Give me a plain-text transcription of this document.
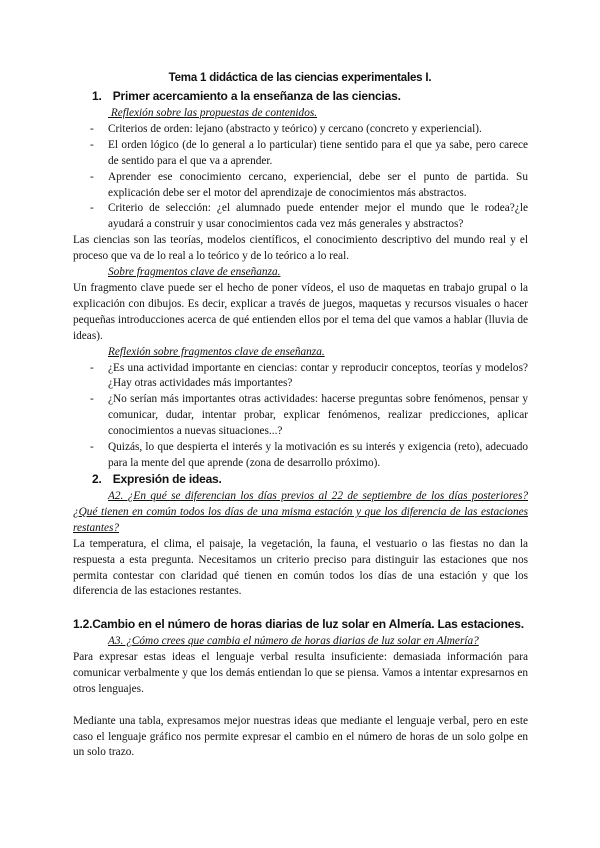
Tema 1 didáctica de las ciencias experimentales I.
1. Primer acercamiento a la enseñanza de las ciencias.
Reflexión sobre las propuestas de contenidos.
- Criterios de orden: lejano (abstracto y teórico) y cercano (concreto y experiencial).
- El orden lógico (de lo general a lo particular) tiene sentido para el que ya sabe, pero carece de sentido para el que va a aprender.
- Aprender ese conocimiento cercano, experiencial, debe ser el punto de partida. Su explicación debe ser el motor del aprendizaje de conocimientos más abstractos.
- Criterio de selección: ¿el alumnado puede entender mejor el mundo que le rodea?¿le ayudará a construir y usar conocimientos cada vez más generales y abstractos?
Las ciencias son las teorías, modelos científicos, el conocimiento descriptivo del mundo real y el proceso que va de lo real a lo teórico y de lo teórico a lo real.
Sobre fragmentos clave de enseñanza.
Un fragmento clave puede ser el hecho de poner vídeos, el uso de maquetas en trabajo grupal o la explicación con dibujos. Es decir, explicar a través de juegos, maquetas y recursos visuales o hacer pequeñas introducciones acerca de qué entienden ellos por el tema del que vamos a hablar (lluvia de ideas).
Reflexión sobre fragmentos clave de enseñanza.
- ¿Es una actividad importante en ciencias: contar y reproducir conceptos, teorías y modelos? ¿Hay otras actividades más importantes?
- ¿No serían más importantes otras actividades: hacerse preguntas sobre fenómenos, pensar y comunicar, dudar, intentar probar, explicar fenómenos, realizar predicciones, aplicar conocimientos a nuevas situaciones...?
- Quizás, lo que despierta el interés y la motivación es su interés y exigencia (reto), adecuado para la mente del que aprende (zona de desarrollo próximo).
2. Expresión de ideas.
A2. ¿En qué se diferencian los días previos al 22 de septiembre de los días posteriores? ¿Qué tienen en común todos los días de una misma estación y que los diferencia de las estaciones restantes?
La temperatura, el clima, el paisaje, la vegetación, la fauna, el vestuario o las fiestas no dan la respuesta a esta pregunta. Necesitamos un criterio preciso para distinguir las estaciones que nos permita contestar con claridad qué tienen en común todos los días de una estación y que los diferencia de las estaciones restantes.
1.2.Cambio en el número de horas diarias de luz solar en Almería. Las estaciones.
A3. ¿Cómo crees que cambia el número de horas diarias de luz solar en Almería?
Para expresar estas ideas el lenguaje verbal resulta insuficiente: demasiada información para comunicar verbalmente y que los demás entiendan lo que se piensa. Vamos a intentar expresarnos en otros lenguajes.
Mediante una tabla, expresamos mejor nuestras ideas que mediante el lenguaje verbal, pero en este caso el lenguaje gráfico nos permite expresar el cambio en el número de horas de un solo golpe en un solo trazo.
